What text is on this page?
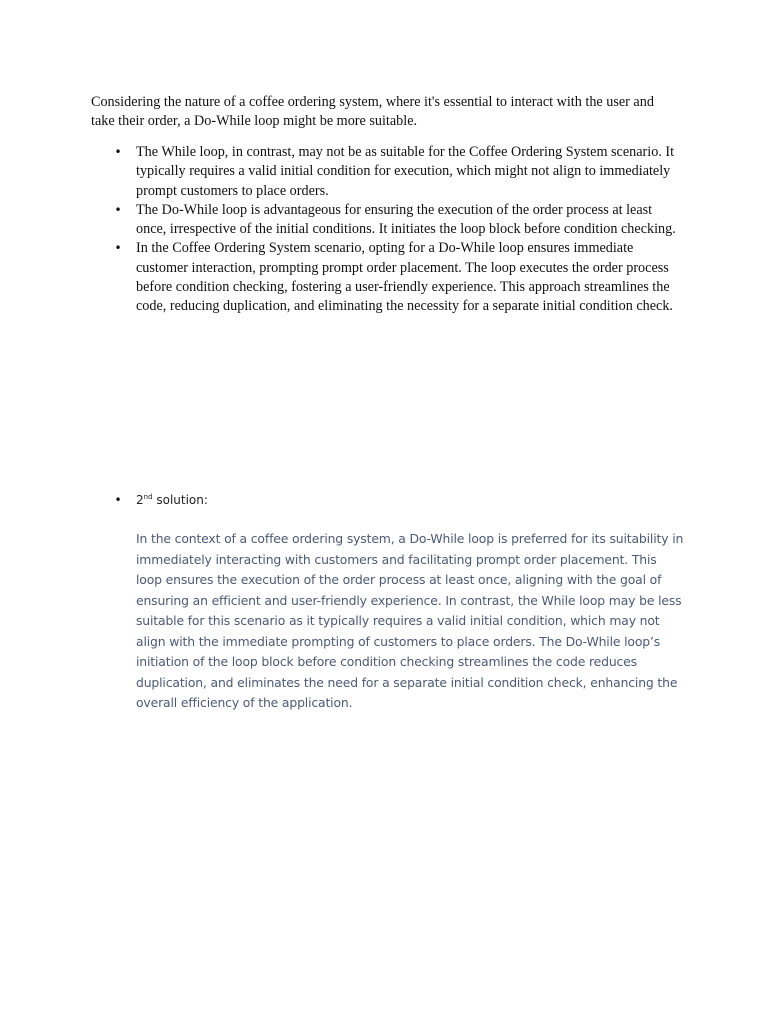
Considering the nature of a coffee ordering system, where it's essential to interact with the user and take their order, a Do-While loop might be more suitable.

• The While loop, in contrast, may not be as suitable for the Coffee Ordering System scenario. It typically requires a valid initial condition for execution, which might not align to immediately prompt customers to place orders.
• The Do-While loop is advantageous for ensuring the execution of the order process at least once, irrespective of the initial conditions. It initiates the loop block before condition checking.
• In the Coffee Ordering System scenario, opting for a Do-While loop ensures immediate customer interaction, prompting prompt order placement. The loop executes the order process before condition checking, fostering a user-friendly experience. This approach streamlines the code, reducing duplication, and eliminating the necessity for a separate initial condition check.
• 2nd solution:

In the context of a coffee ordering system, a Do-While loop is preferred for its suitability in immediately interacting with customers and facilitating prompt order placement. This loop ensures the execution of the order process at least once, aligning with the goal of ensuring an efficient and user-friendly experience. In contrast, the While loop may be less suitable for this scenario as it typically requires a valid initial condition, which may not align with the immediate prompting of customers to place orders. The Do-While loop’s initiation of the loop block before condition checking streamlines the code reduces duplication, and eliminates the need for a separate initial condition check, enhancing the overall efficiency of the application.
